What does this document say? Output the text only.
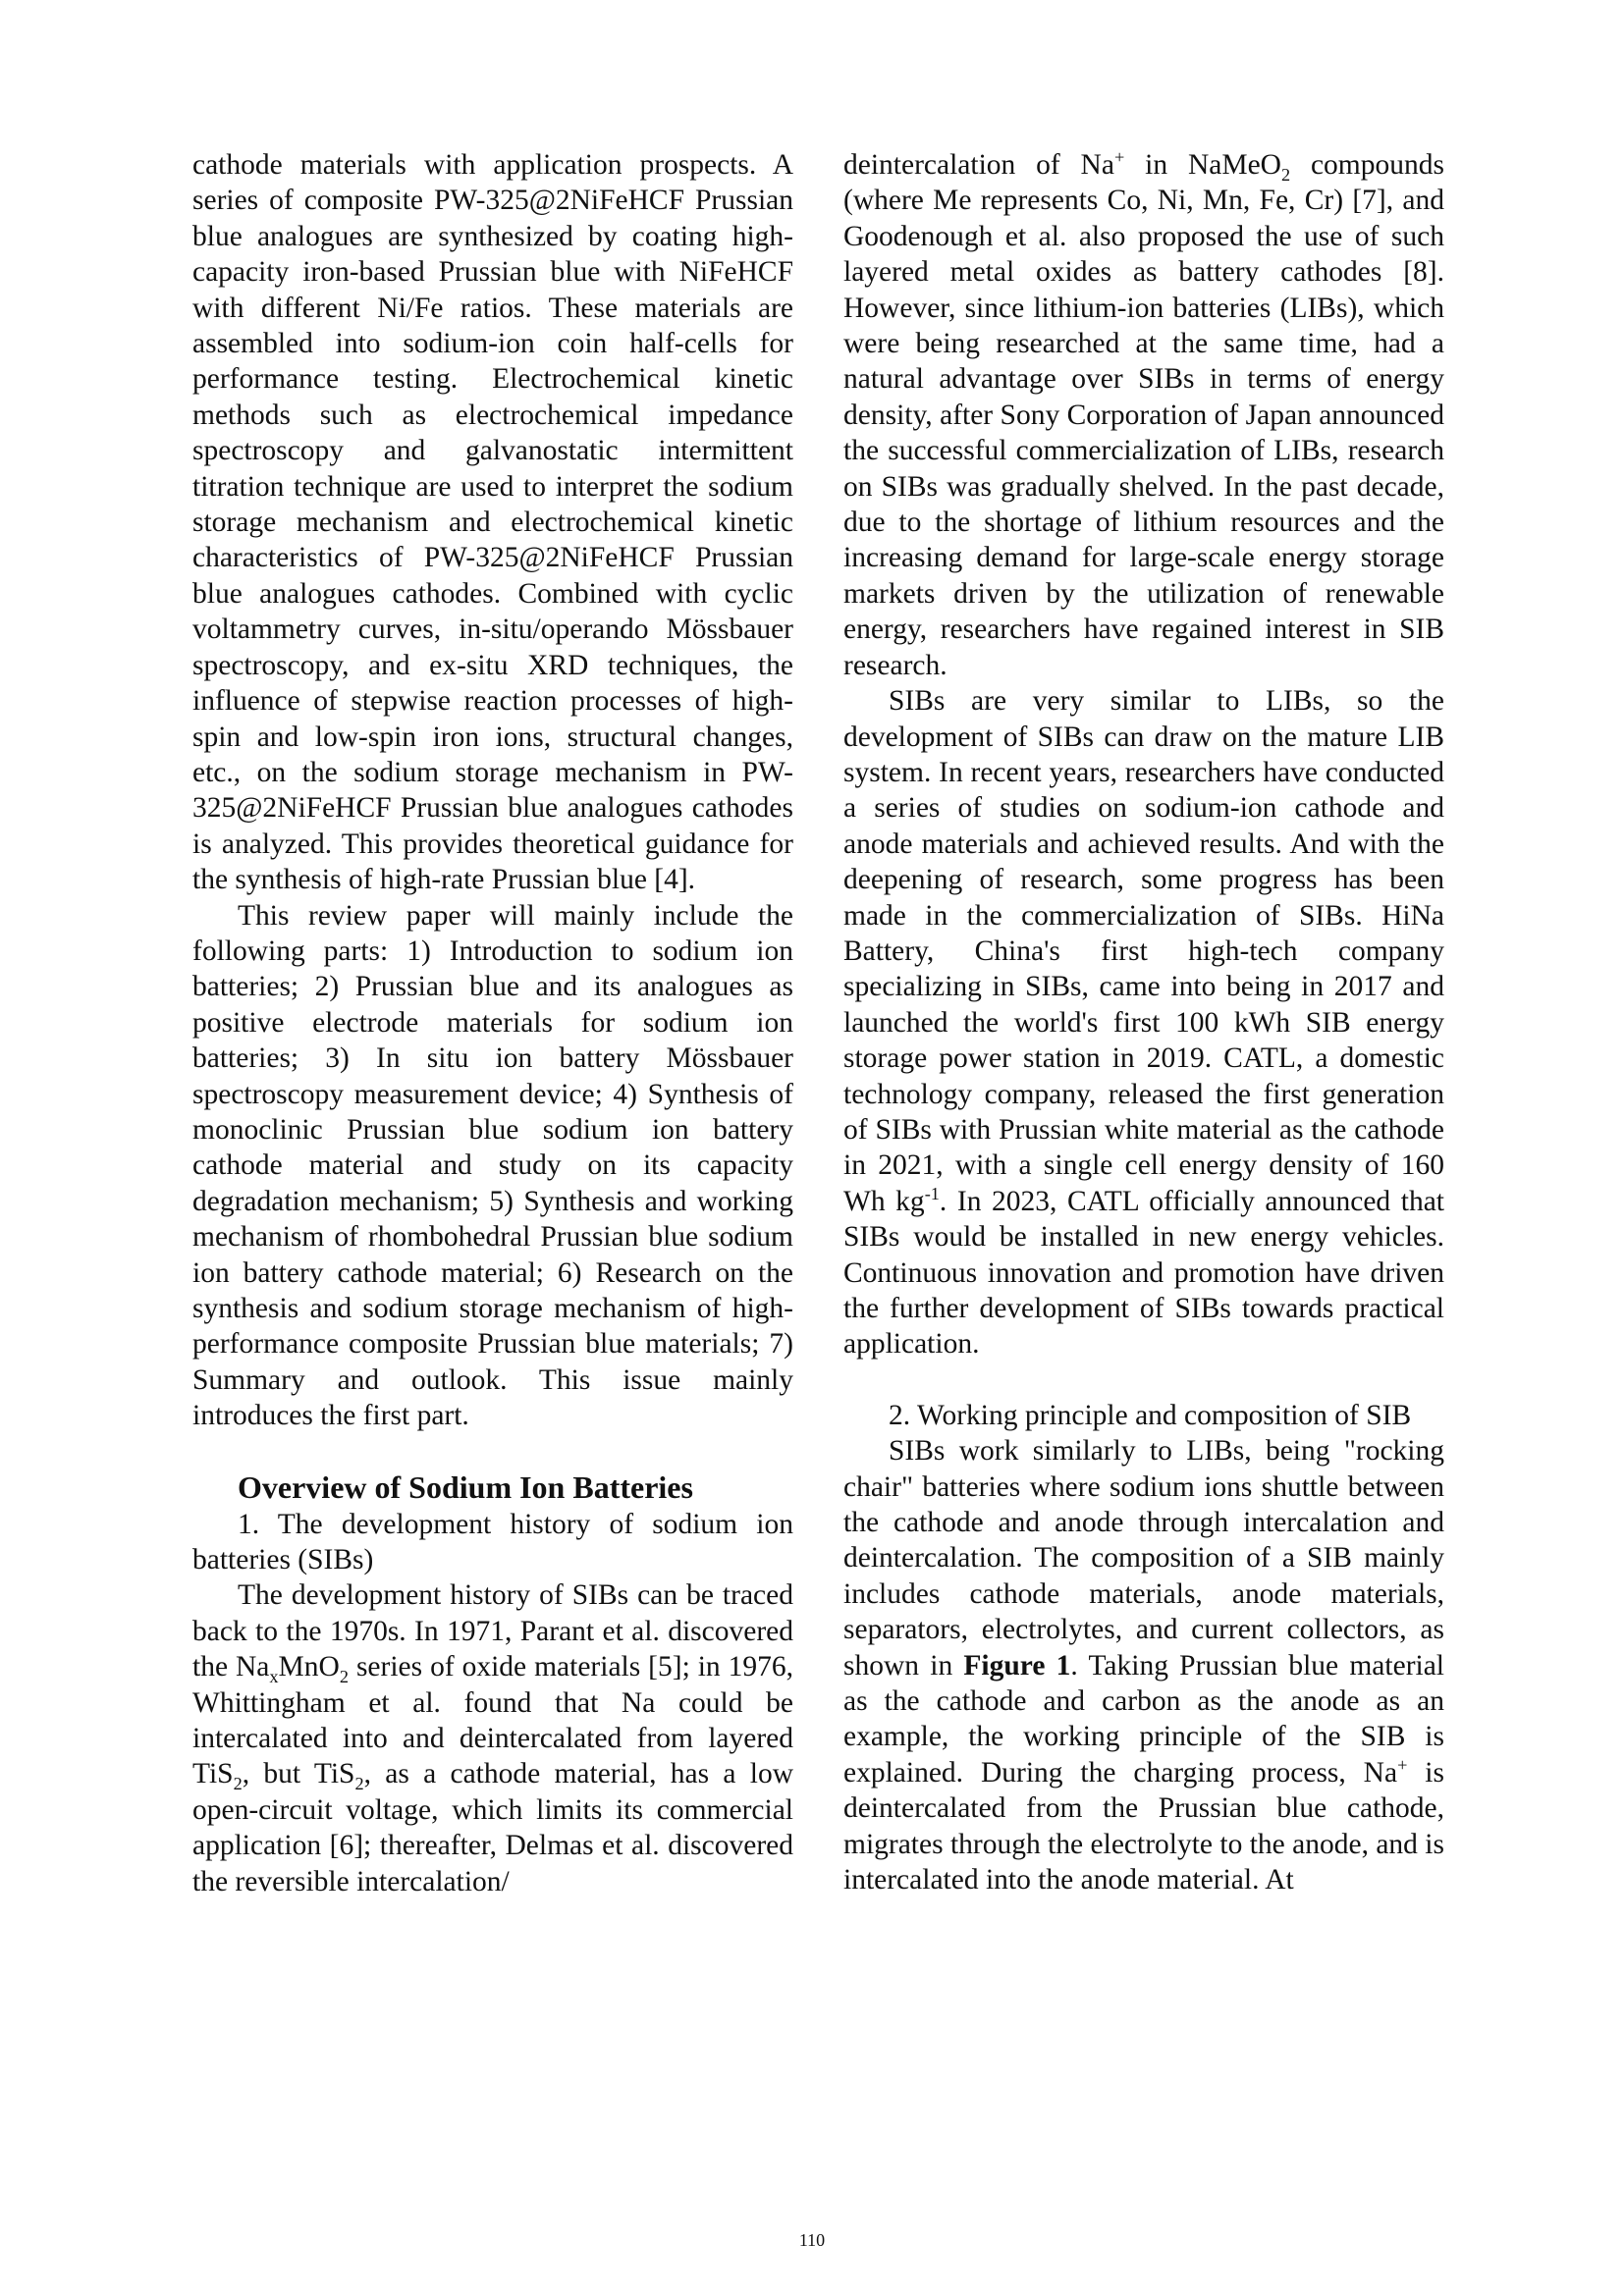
cathode materials with application prospects. A series of composite PW-325@2NiFeHCF Prussian blue analogues are synthesized by coating high-capacity iron-based Prussian blue with NiFeHCF with different Ni/Fe ratios. These materials are assembled into sodium-ion coin half-cells for performance testing. Electrochemical kinetic methods such as electrochemical impedance spectroscopy and galvanostatic intermittent titration technique are used to interpret the sodium storage mechanism and electrochemical kinetic characteristics of PW-325@2NiFeHCF Prussian blue analogues cathodes. Combined with cyclic voltammetry curves, in-situ/operando Mössbauer spectroscopy, and ex-situ XRD techniques, the influence of stepwise reaction processes of high-spin and low-spin iron ions, structural changes, etc., on the sodium storage mechanism in PW-325@2NiFeHCF Prussian blue analogues cathodes is analyzed. This provides theoretical guidance for the synthesis of high-rate Prussian blue [4].

This review paper will mainly include the following parts: 1) Introduction to sodium ion batteries; 2) Prussian blue and its analogues as positive electrode materials for sodium ion batteries; 3) In situ ion battery Mössbauer spectroscopy measurement device; 4) Synthesis of monoclinic Prussian blue sodium ion battery cathode material and study on its capacity degradation mechanism; 5) Synthesis and working mechanism of rhombohedral Prussian blue sodium ion battery cathode material; 6) Research on the synthesis and sodium storage mechanism of high-performance composite Prussian blue materials; 7) Summary and outlook. This issue mainly introduces the first part.

Overview of Sodium Ion Batteries

1. The development history of sodium ion batteries (SIBs)

The development history of SIBs can be traced back to the 1970s. In 1971, Parant et al. discovered the $Na_xMnO_2$ series of oxide materials [5]; in 1976, Whittingham et al. found that Na could be intercalated into and deintercalated from layered TiS$_2$, but TiS$_2$, as a cathode material, has a low open-circuit voltage, which limits its commercial application [6]; thereafter, Delmas et al. discovered the reversible intercalation/

deintercalation of Na+ in NaMeO$_2$ compounds (where Me represents Co, Ni, Mn, Fe, Cr) [7], and Goodenough et al. also proposed the use of such layered metal oxides as battery cathodes [8]. However, since lithium-ion batteries (LIBs), which were being researched at the same time, had a natural advantage over SIBs in terms of energy density, after Sony Corporation of Japan announced the successful commercialization of LIBs, research on SIBs was gradually shelved. In the past decade, due to the shortage of lithium resources and the increasing demand for large-scale energy storage markets driven by the utilization of renewable energy, researchers have regained interest in SIB research.

SIBs are very similar to LIBs, so the development of SIBs can draw on the mature LIB system. In recent years, researchers have conducted a series of studies on sodium-ion cathode and anode materials and achieved results. And with the deepening of research, some progress has been made in the commercialization of SIBs. HiNa Battery, China's first high-tech company specializing in SIBs, came into being in 2017 and launched the world's first 100 kWh SIB energy storage power station in 2019. CATL, a domestic technology company, released the first generation of SIBs with Prussian white material as the cathode in 2021, with a single cell energy density of 160 Wh $kg^{-1}$. In 2023, CATL officially announced that SIBs would be installed in new energy vehicles. Continuous innovation and promotion have driven the further development of SIBs towards practical application.

2. Working principle and composition of SIB

SIBs work similarly to LIBs, being "rocking chair" batteries where sodium ions shuttle between the cathode and anode through intercalation and deintercalation. The composition of a SIB mainly includes cathode materials, anode materials, separators, electrolytes, and current collectors, as shown in Figure 1. Taking Prussian blue material as the cathode and carbon as the anode as an example, the working principle of the SIB is explained. During the charging process, Na+ is deintercalated from the Prussian blue cathode, migrates through the electrolyte to the anode, and is intercalated into the anode material. At

110
